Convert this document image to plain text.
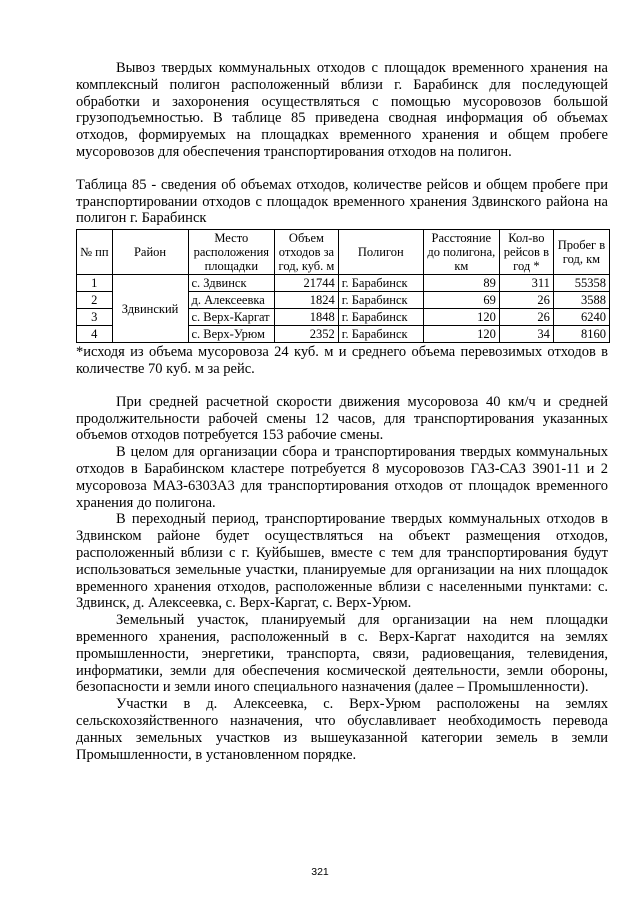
Вывоз твердых коммунальных отходов с площадок временного хранения на комплексный полигон расположенный вблизи г. Барабинск для последующей обработки и захоронения осуществляться с помощью мусоровозов большой грузоподъемностью. В таблице 85 приведена сводная информация об объемах отходов, формируемых на площадках временного хранения и общем пробеге мусоровозов для обеспечения транспортирования отходов на полигон.

Таблица 85 - сведения об объемах отходов, количестве рейсов и общем пробеге при транспортировании отходов с площадок временного хранения Здвинского района на полигон г. Барабинск

№ пп	Район	Место расположения площадки	Объем отходов за год, куб. м	Полигон	Расстояние до полигона, км	Кол-во рейсов в год *	Пробег в год, км
1	Здвинский	с. Здвинск	21744	г. Барабинск	89	311	55358
2		д. Алексеевка	1824	г. Барабинск	69	26	3588
3		с. Верх-Каргат	1848	г. Барабинск	120	26	6240
4		с. Верх-Урюм	2352	г. Барабинск	120	34	8160

*исходя из объема мусоровоза 24 куб. м и среднего объема перевозимых отходов в количестве 70 куб. м за рейс.

При средней расчетной скорости движения мусоровоза 40 км/ч и средней продолжительности рабочей смены 12 часов, для транспортирования указанных объемов отходов потребуется 153 рабочие смены.

В целом для организации сбора и транспортирования твердых коммунальных отходов в Барабинском кластере потребуется 8 мусоровозов ГАЗ-САЗ 3901-11 и 2 мусоровоза МАЗ-6303А3 для транспортирования отходов от площадок временного хранения до полигона.

В переходный период, транспортирование твердых коммунальных отходов в Здвинском районе будет осуществляться на объект размещения отходов, расположенный вблизи с г. Куйбышев, вместе с тем для транспортирования будут использоваться земельные участки, планируемые для организации на них площадок временного хранения отходов, расположенные вблизи с населенными пунктами: с. Здвинск, д. Алексеевка, с. Верх-Каргат, с. Верх-Урюм.

Земельный участок, планируемый для организации на нем площадки временного хранения, расположенный в с. Верх-Каргат находится на землях промышленности, энергетики, транспорта, связи, радиовещания, телевидения, информатики, земли для обеспечения космической деятельности, земли обороны, безопасности и земли иного специального назначения (далее – Промышленности).

Участки в д. Алексеевка, с. Верх-Урюм расположены на землях сельскохозяйственного назначения, что обуславливает необходимость перевода данных земельных участков из вышеуказанной категории земель в земли Промышленности, в установленном порядке.

321
